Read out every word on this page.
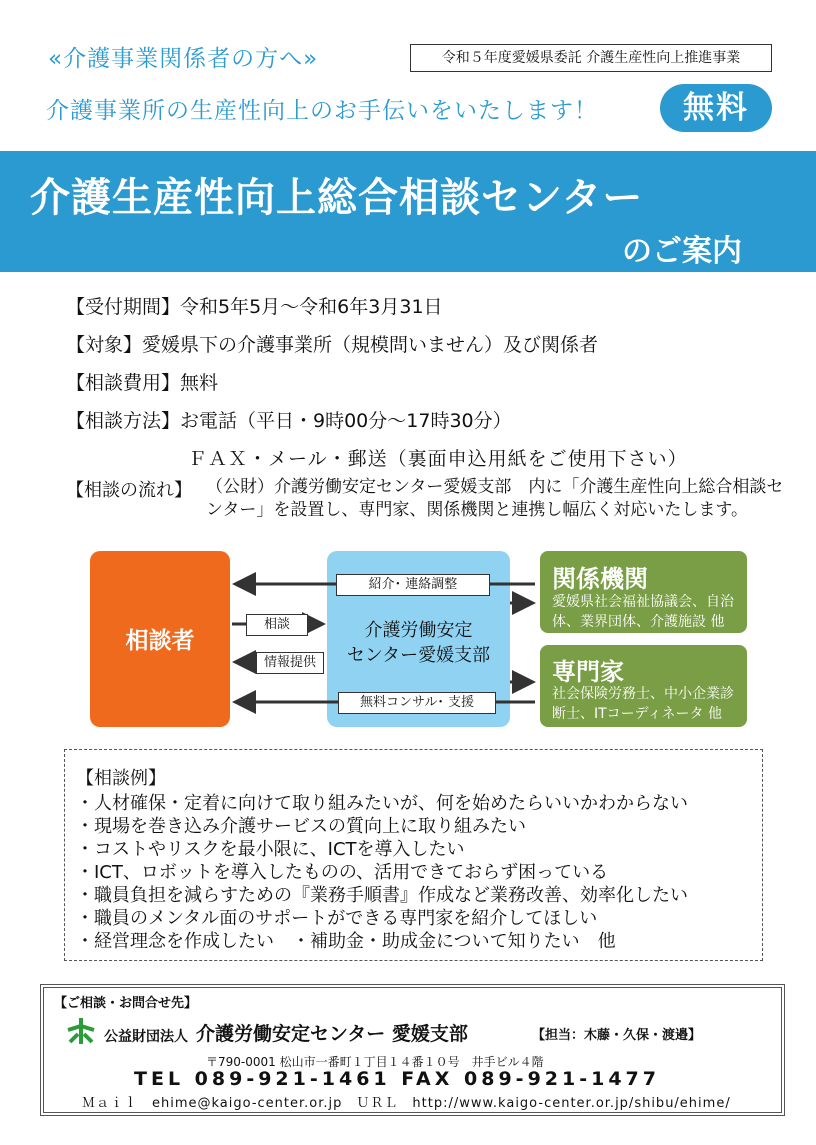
«介護事業関係者の方へ»	令和５年度愛媛県委託 介護生産性向上推進事業
介護事業所の生産性向上のお手伝いをいたします！	無料
介護生産性向上総合相談センター
のご案内
【受付期間】令和5年5月～令和6年3月31日
【対象】愛媛県下の介護事業所（規模問いません）及び関係者
【相談費用】無料
【相談方法】お電話（平日・9時00分～17時30分）
ＦＡＸ・メール・郵送（裏面申込用紙をご使用下さい）
【相談の流れ】 （公財）介護労働安定センター愛媛支部　内に「介護生産性向上総合相談センター」を設置し、専門家、関係機関と連携し幅広く対応いたします。
相談者	介護労働安定
センター愛媛支部
関係機関
愛媛県社会福祉協議会、自治体、業界団体、介護施設 他
専門家
社会保険労務士、中小企業診断士、ITコーディネータ 他
紹介･ 連絡調整
相談
情報提供
無料コンサル･ 支援
【相談例】
・人材確保・定着に向けて取り組みたいが、何を始めたらいいかわからない
・現場を巻き込み介護サービスの質向上に取り組みたい
・コストやリスクを最小限に、ICTを導入したい
・ICT、ロボットを導入したものの、活用できておらず困っている
・職員負担を減らすための『業務手順書』作成など業務改善、効率化したい
・職員のメンタル面のサポートができる専門家を紹介してほしい
・経営理念を作成したい　・補助金・助成金について知りたい　他
【ご相談・お問合せ先】
公益財団法人 介護労働安定センター 愛媛支部	【担当：木藤・久保・渡邉】
〒790-0001 松山市一番町１丁目１４番１０号　井手ビル４階
TEL 089-921-1461 FAX 089-921-1477
Ｍａｉｌ　ehime@kaigo-center.or.jp　ＵＲＬ　http://www.kaigo-center.or.jp/shibu/ehime/
